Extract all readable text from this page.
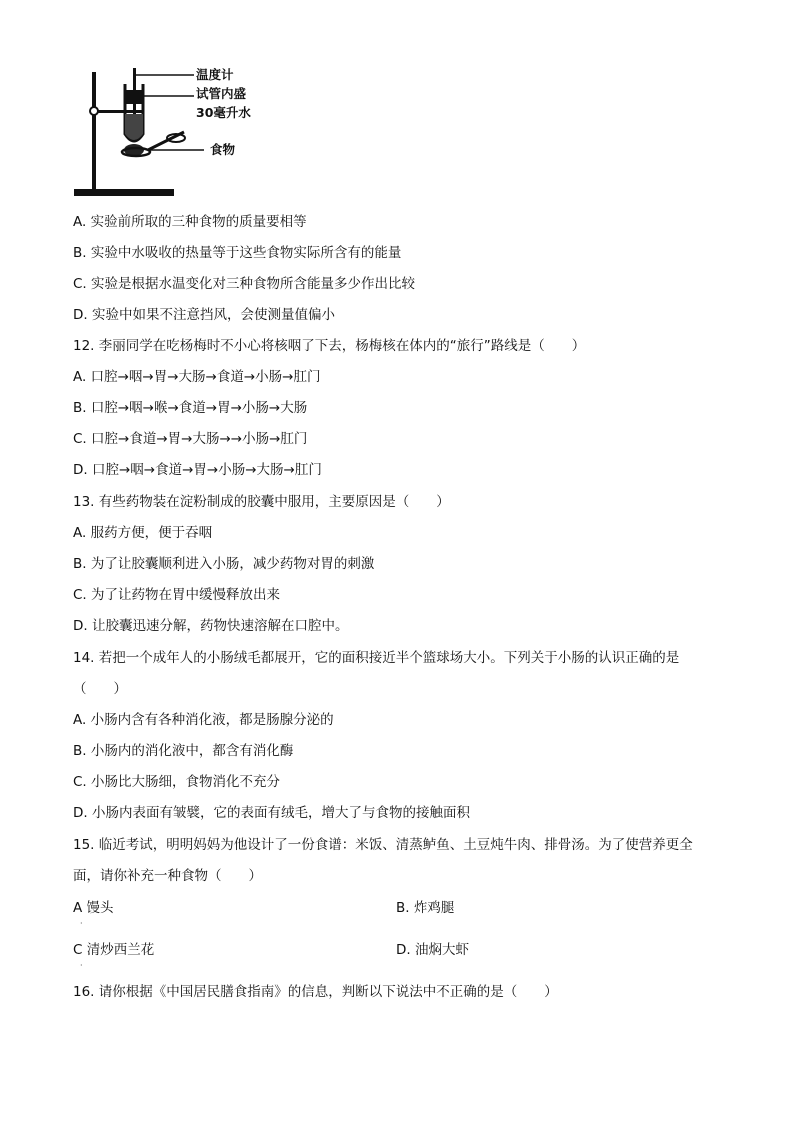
温度计
试管内盛
30毫升水
食物
A. 实验前所取的三种食物的质量要相等
B. 实验中水吸收的热量等于这些食物实际所含有的能量
C. 实验是根据水温变化对三种食物所含能量多少作出比较
D. 实验中如果不注意挡风，会使测量值偏小
12. 李丽同学在吃杨梅时不小心将核咽了下去，杨梅核在体内的“旅行”路线是（　　）
A. 口腔→咽→胃→大肠→食道→小肠→肛门
B. 口腔→咽→喉→食道→胃→小肠→大肠
C. 口腔→食道→胃→大肠→→小肠→肛门
D. 口腔→咽→食道→胃→小肠→大肠→肛门
13. 有些药物装在淀粉制成的胶囊中服用，主要原因是（　　）
A. 服药方便，便于吞咽
B. 为了让胶囊顺利进入小肠，减少药物对胃的刺激
C. 为了让药物在胃中缓慢释放出来
D. 让胶囊迅速分解，药物快速溶解在口腔中。
14. 若把一个成年人的小肠绒毛都展开，它的面积接近半个篮球场大小。下列关于小肠的认识正确的是
（　　）
A. 小肠内含有各种消化液，都是肠腺分泌的
B. 小肠内的消化液中，都含有消化酶
C. 小肠比大肠细，食物消化不充分
D. 小肠内表面有皱襞，它的表面有绒毛，增大了与食物的接触面积
15. 临近考试，明明妈妈为他设计了一份食谱：米饭、清蒸鲈鱼、土豆炖牛肉、排骨汤。为了使营养更全
面，请你补充一种食物（　　）
A 馒头	B. 炸鸡腿
·
C 清炒西兰花	D. 油焖大虾
·
16. 请你根据《中国居民膳食指南》的信息，判断以下说法中不正确的是（　　）
